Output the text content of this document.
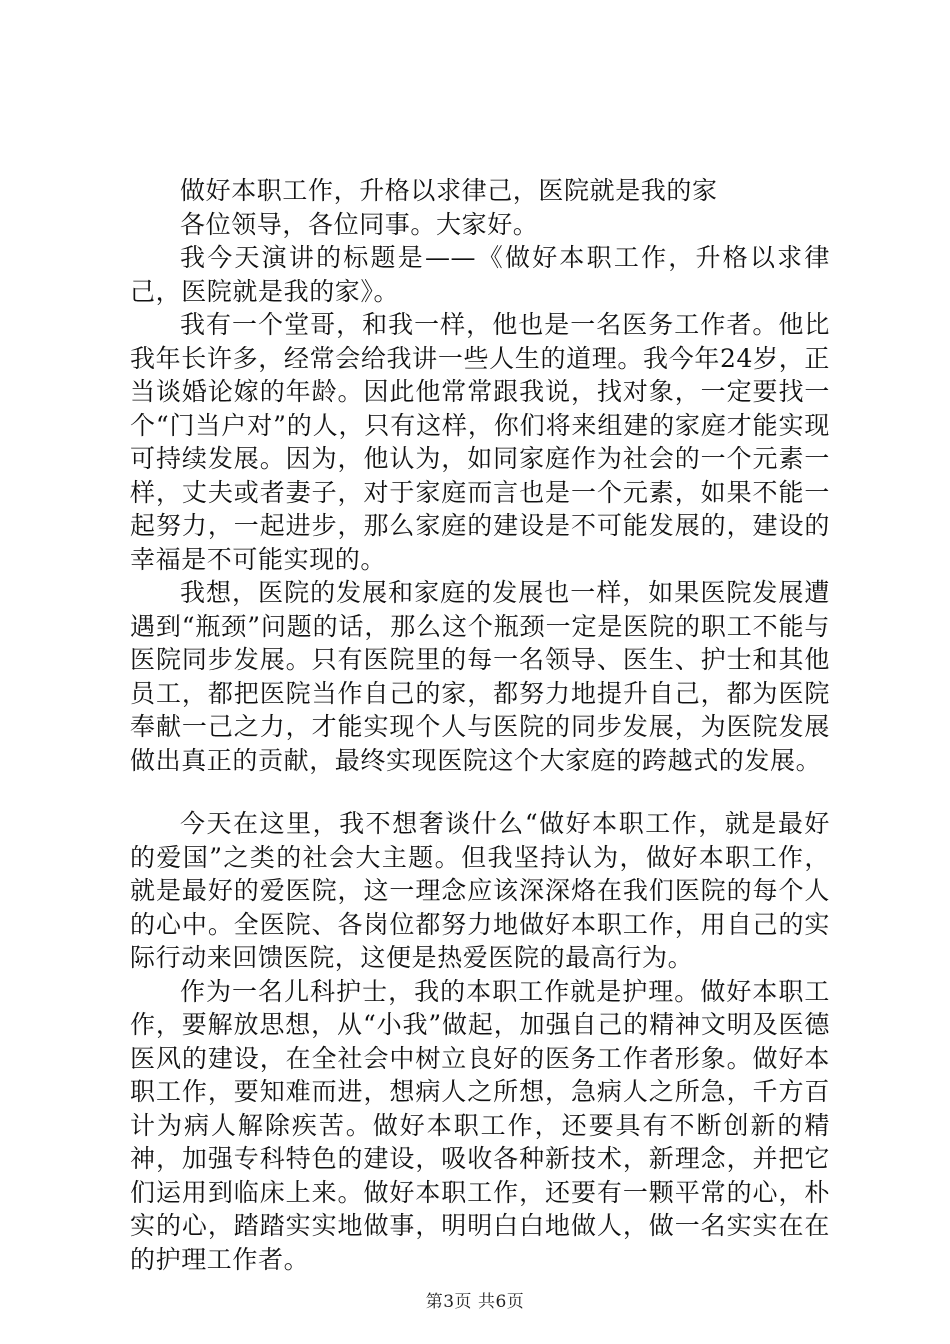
做好本职工作，升格以求律己，医院就是我的家

各位领导，各位同事。大家好。

我今天演讲的标题是——《做好本职工作，升格以求律己，医院就是我的家》。

我有一个堂哥，和我一样，他也是一名医务工作者。他比我年长许多，经常会给我讲一些人生的道理。我今年24岁，正当谈婚论嫁的年龄。因此他常常跟我说，找对象，一定要找一个“门当户对”的人，只有这样，你们将来组建的家庭才能实现可持续发展。因为，他认为，如同家庭作为社会的一个元素一样，丈夫或者妻子，对于家庭而言也是一个元素，如果不能一起努力，一起进步，那么家庭的建设是不可能发展的，建设的幸福是不可能实现的。

我想，医院的发展和家庭的发展也一样，如果医院发展遭遇到“瓶颈”问题的话，那么这个瓶颈一定是医院的职工不能与医院同步发展。只有医院里的每一名领导、医生、护士和其他员工，都把医院当作自己的家，都努力地提升自己，都为医院奉献一己之力，才能实现个人与医院的同步发展，为医院发展做出真正的贡献，最终实现医院这个大家庭的跨越式的发展。

今天在这里，我不想奢谈什么“做好本职工作，就是最好的爱国”之类的社会大主题。但我坚持认为，做好本职工作，就是最好的爱医院，这一理念应该深深烙在我们医院的每个人的心中。全医院、各岗位都努力地做好本职工作，用自己的实际行动来回馈医院，这便是热爱医院的最高行为。

作为一名儿科护士，我的本职工作就是护理。做好本职工作，要解放思想，从“小我”做起，加强自己的精神文明及医德医风的建设，在全社会中树立良好的医务工作者形象。做好本职工作，要知难而进，想病人之所想，急病人之所急，千方百计为病人解除疾苦。做好本职工作，还要具有不断创新的精神，加强专科特色的建设，吸收各种新技术，新理念，并把它们运用到临床上来。做好本职工作，还要有一颗平常的心，朴实的心，踏踏实实地做事，明明白白地做人，做一名实实在在的护理工作者。

第3页 共6页
